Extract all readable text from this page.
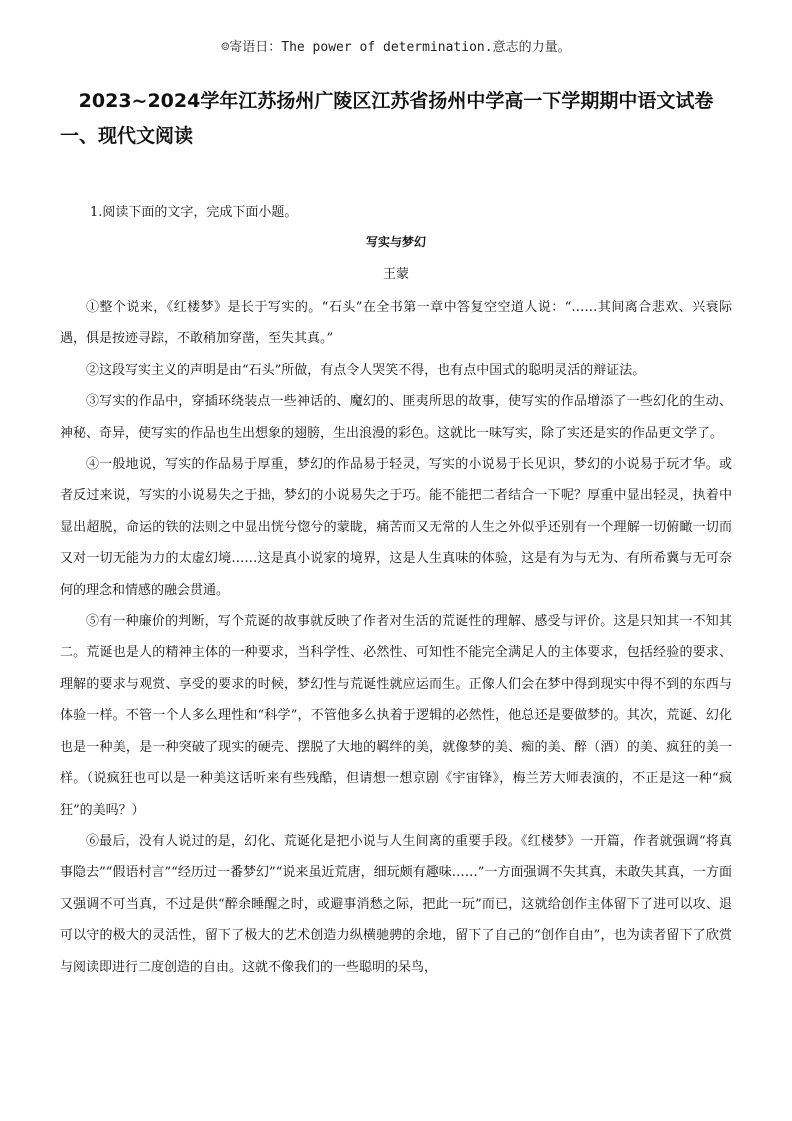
☺寄语日：The power of determination.意志的力量。
2023~2024学年江苏扬州广陵区江苏省扬州中学高一下学期期中语文试卷
一、现代文阅读
1.阅读下面的文字，完成下面小题。
写实与梦幻
王蒙

①整个说来，《红楼梦》是长于写实的。“石头”在全书第一章中答复空空道人说：“……其间离合悲欢、兴衰际遇，俱是按迹寻踪，不敢稍加穿凿，至失其真。”

②这段写实主义的声明是由“石头”所做，有点令人哭笑不得，也有点中国式的聪明灵活的辩证法。

③写实的作品中，穿插环绕装点一些神话的、魔幻的、匪夷所思的故事，使写实的作品增添了一些幻化的生动、神秘、奇异，使写实的作品也生出想象的翅膀，生出浪漫的彩色。这就比一味写实，除了实还是实的作品更文学了。

④一般地说，写实的作品易于厚重，梦幻的作品易于轻灵，写实的小说易于长见识，梦幻的小说易于玩才华。或者反过来说，写实的小说易失之于拙，梦幻的小说易失之于巧。能不能把二者结合一下呢？厚重中显出轻灵，执着中显出超脱，命运的铁的法则之中显出恍兮惚兮的蒙眬，痛苦而又无常的人生之外似乎还别有一个理解一切俯瞰一切而又对一切无能为力的太虚幻境……这是真小说家的境界，这是人生真味的体验，这是有为与无为、有所希冀与无可奈何的理念和情感的融会贯通。

⑤有一种廉价的判断，写个荒诞的故事就反映了作者对生活的荒诞性的理解、感受与评价。这是只知其一不知其二。荒诞也是人的精神主体的一种要求，当科学性、必然性、可知性不能完全满足人的主体要求，包括经验的要求、理解的要求与观赏、享受的要求的时候，梦幻性与荒诞性就应运而生。正像人们会在梦中得到现实中得不到的东西与体验一样。不管一个人多么理性和“科学”，不管他多么执着于逻辑的必然性，他总还是要做梦的。其次，荒诞、幻化也是一种美，是一种突破了现实的硬壳、摆脱了大地的羁绊的美，就像梦的美、痴的美、醉（酒）的美、疯狂的美一样。（说疯狂也可以是一种美这话听来有些残酷，但请想一想京剧《宇宙锋》，梅兰芳大师表演的，不正是这一种“疯狂”的美吗？）

⑥最后，没有人说过的是，幻化、荒诞化是把小说与人生间离的重要手段。《红楼梦》一开篇，作者就强调“将真事隐去”“假语村言”“经历过一番梦幻”“说来虽近荒唐，细玩颇有趣味……”一方面强调不失其真，未敢失其真，一方面又强调不可当真，不过是供“醉余睡醒之时，或避事消愁之际，把此一玩”而已，这就给创作主体留下了进可以攻、退可以守的极大的灵活性，留下了极大的艺术创造力纵横驰骋的余地，留下了自己的“创作自由”，也为读者留下了欣赏与阅读即进行二度创造的自由。这就不像我们的一些聪明的呆鸟，
